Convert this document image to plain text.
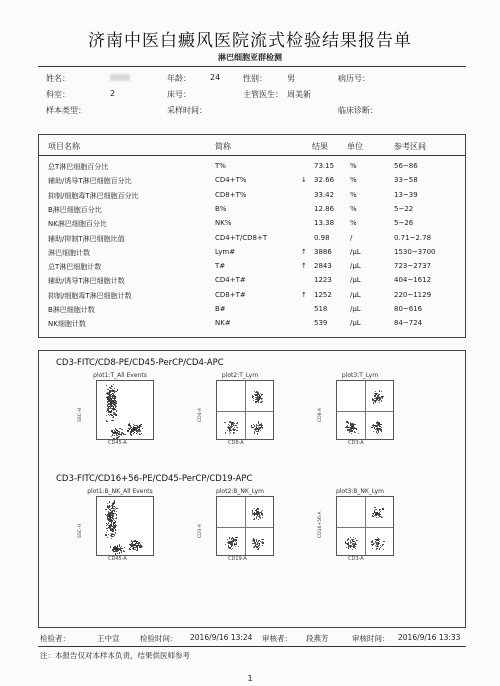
济南中医白癜风医院流式检验结果报告单
淋巴细胞亚群检测
姓名：	年龄： 24	性别：	男	病历号：
科室：	2	床号：	主管医生： 周美新
样本类型：	采样时间：	临床诊断：
项目名称	简称	结果 单位	参考区间
总T淋巴细胞百分比	T%	73.15 %	56~86
辅助/诱导T淋巴细胞百分比	CD4+T%	↓ 32.66 %	33~58
抑制/细胞毒T淋巴细胞百分比	CD8+T%	33.42 %	13~39
B淋巴细胞百分比	B%	12.86 %	5~22
NK淋巴细胞百分比	NK%	13.38 %	5~26
辅助/抑制T淋巴细胞比值	CD4+T/CD8+T	0.98	/	0.71~2.78
淋巴细胞计数	Lym#	↑ 3886	/μL	1530~3700
总T淋巴细胞计数	T#	↑ 2843	/μL	723~2737
辅助/诱导T淋巴细胞计数	CD4+T#	1223	/μL	404~1612
抑制/细胞毒T淋巴细胞计数	CD8+T#	↑ 1252	/μL	220~1129
B淋巴细胞计数	B#	518	/μL	80~616
NK细胞计数	NK#	539	/μL	84~724
CD3-FITC/CD8-PE/CD45-PerCP/CD4-APC
CD3-FITC/CD16+56-PE/CD45-PerCP/CD19-APC
plot1:T_All Events
SSC-H
CD45-A
plot2:T_Lym
CD4-A
CD8-A
plot3:T_Lym
CD8-A
CD3-A
plot1:B_NK_All Events
SSC-H
CD45-A
plot2:B_NK_Lym
CD3-A
CD19-A
plot3:B_NK_Lym
CD16+56-A
CD3-A
检验者：	王中宣	检验时间： 2016/9/16 13:24 审核者： 段燕芳	审核时间： 2016/9/16 13:33
注：本报告仅对本样本负责，结果供医师参考
1
